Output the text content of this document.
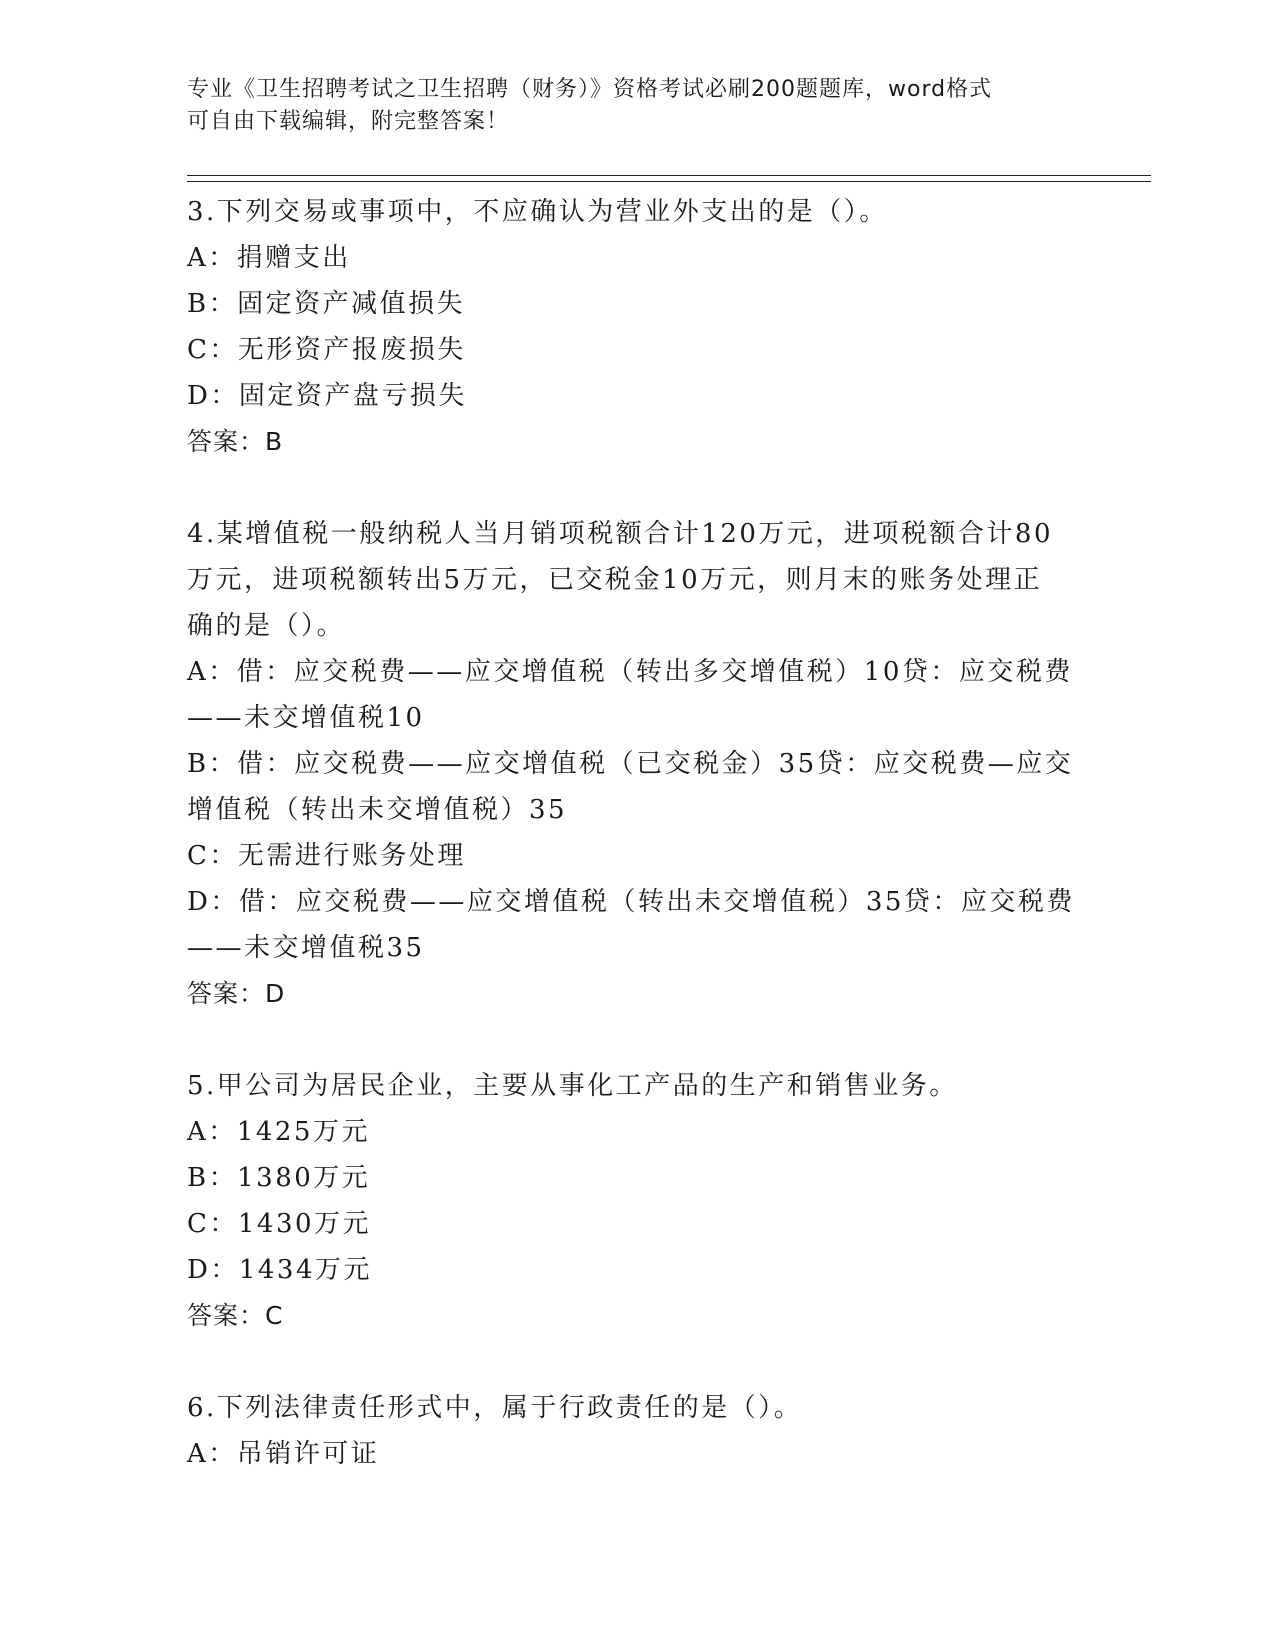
专业《卫生招聘考试之卫生招聘（财务）》资格考试必刷200题题库，word格式
可自由下载编辑，附完整答案！
3.下列交易或事项中，不应确认为营业外支出的是（）。
A：捐赠支出
B：固定资产减值损失
C：无形资产报废损失
D：固定资产盘亏损失
答案：B
4.某增值税一般纳税人当月销项税额合计120万元，进项税额合计80
万元，进项税额转出5万元，已交税金10万元，则月末的账务处理正
确的是（）。
A：借：应交税费——应交增值税（转出多交增值税）10贷：应交税费
——未交增值税10
B：借：应交税费——应交增值税（已交税金）35贷：应交税费—应交
增值税（转出未交增值税）35
C：无需进行账务处理
D：借：应交税费——应交增值税（转出未交增值税）35贷：应交税费
——未交增值税35
答案：D
5.甲公司为居民企业，主要从事化工产品的生产和销售业务。
A：1425万元
B：1380万元
C：1430万元
D：1434万元
答案：C
6.下列法律责任形式中，属于行政责任的是（）。
A：吊销许可证
